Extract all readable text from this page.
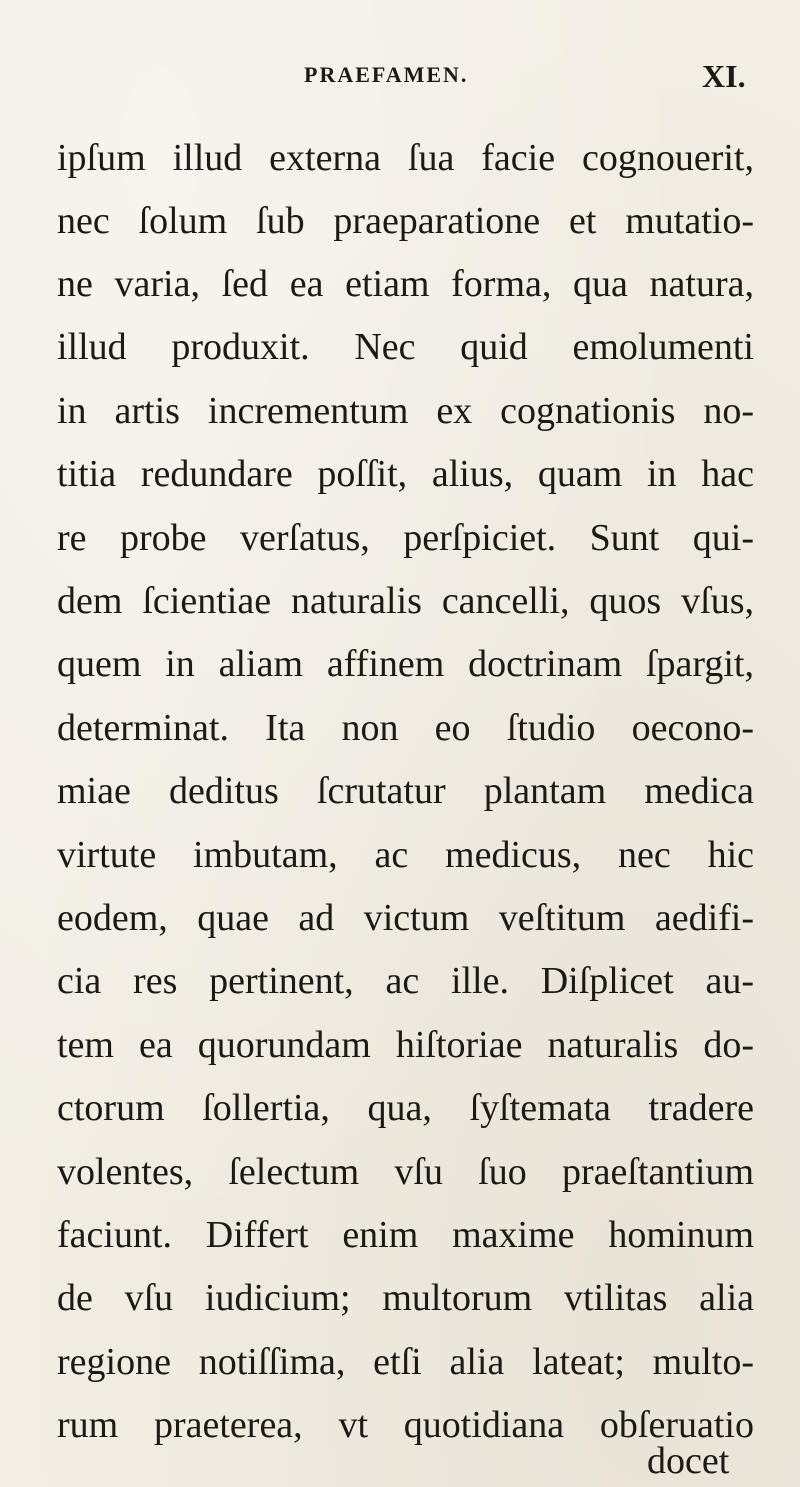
PRAEFAMEN.	XI.
ipſum illud externa ſua facie cognouerit,
nec ſolum ſub praeparatione et mutatio-
ne varia, ſed ea etiam forma, qua natura,
illud produxit. Nec quid emolumenti
in artis incrementum ex cognationis no-
titia redundare poſſit, alius, quam in hac
re probe verſatus, perſpiciet. Sunt qui-
dem ſcientiae naturalis cancelli, quos vſus,
quem in aliam affinem doctrinam ſpargit,
determinat. Ita non eo ſtudio oecono-
miae deditus ſcrutatur plantam medica
virtute imbutam, ac medicus, nec hic
eodem, quae ad victum veſtitum aedifi-
cia res pertinent, ac ille. Diſplicet au-
tem ea quorundam hiſtoriae naturalis do-
ctorum ſollertia, qua, ſyſtemata tradere
volentes, ſelectum vſu ſuo praeſtantium
faciunt. Differt enim maxime hominum
de vſu iudicium; multorum vtilitas alia
regione notiſſima, etſi alia lateat; multo-
rum praeterea, vt quotidiana obſeruatio
docet
